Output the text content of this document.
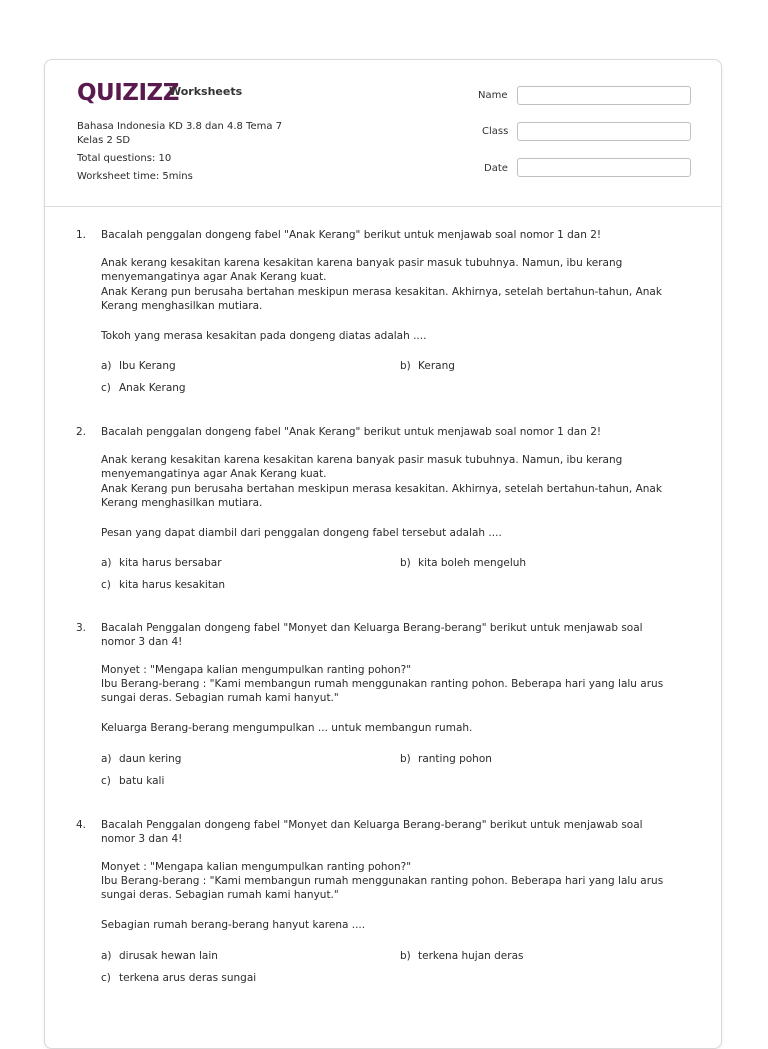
QUIZIZZ
Worksheets
Bahasa Indonesia KD 3.8 dan 4.8 Tema 7
Kelas 2 SD
Total questions: 10
Worksheet time: 5mins
Name
Class
Date
1. Bacalah penggalan dongeng fabel "Anak Kerang" berikut untuk menjawab soal nomor 1 dan 2!

Anak kerang kesakitan karena kesakitan karena banyak pasir masuk tubuhnya. Namun, ibu kerang menyemangatinya agar Anak Kerang kuat.

Anak Kerang pun berusaha bertahan meskipun merasa kesakitan. Akhirnya, setelah bertahun-tahun, Anak Kerang menghasilkan mutiara.

Tokoh yang merasa kesakitan pada dongeng diatas adalah ....

a) Ibu Kerang	b) Kerang
c) Anak Kerang
2. Bacalah penggalan dongeng fabel "Anak Kerang" berikut untuk menjawab soal nomor 1 dan 2!

Anak kerang kesakitan karena kesakitan karena banyak pasir masuk tubuhnya. Namun, ibu kerang menyemangatinya agar Anak Kerang kuat.

Anak Kerang pun berusaha bertahan meskipun merasa kesakitan. Akhirnya, setelah bertahun-tahun, Anak Kerang menghasilkan mutiara.

Pesan yang dapat diambil dari penggalan dongeng fabel tersebut adalah ....

a) kita harus bersabar	b) kita boleh mengeluh
c) kita harus kesakitan
3. Bacalah Penggalan dongeng fabel "Monyet dan Keluarga Berang-berang" berikut untuk menjawab soal nomor 3 dan 4!

Monyet : "Mengapa kalian mengumpulkan ranting pohon?"

Ibu Berang-berang : "Kami membangun rumah menggunakan ranting pohon. Beberapa hari yang lalu arus sungai deras. Sebagian rumah kami hanyut."

Keluarga Berang-berang mengumpulkan ... untuk membangun rumah.

a) daun kering	b) ranting pohon
c) batu kali
4. Bacalah Penggalan dongeng fabel "Monyet dan Keluarga Berang-berang" berikut untuk menjawab soal nomor 3 dan 4!

Monyet : "Mengapa kalian mengumpulkan ranting pohon?"

Ibu Berang-berang : "Kami membangun rumah menggunakan ranting pohon. Beberapa hari yang lalu arus sungai deras. Sebagian rumah kami hanyut."

Sebagian rumah berang-berang hanyut karena ....

a) dirusak hewan lain	b) terkena hujan deras
c) terkena arus deras sungai
